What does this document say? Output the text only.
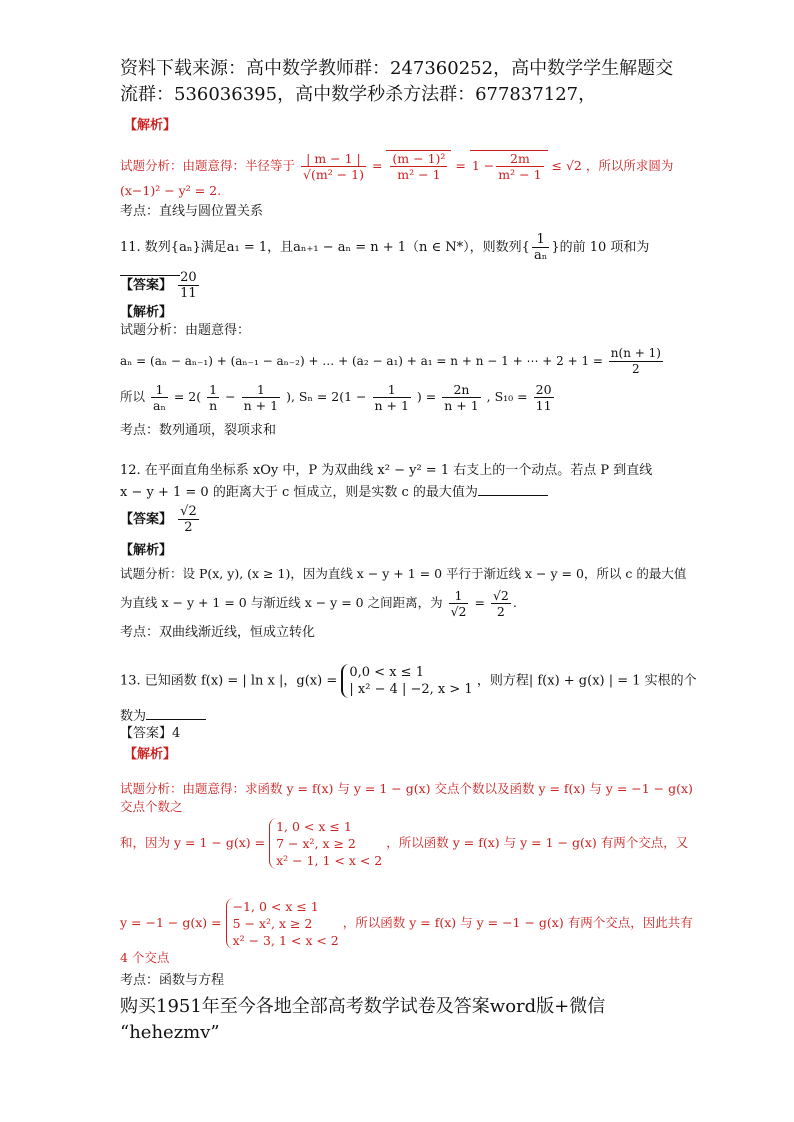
资料下载来源：高中数学教师群：247360252，高中数学学生解题交
流群：536036395，高中数学秒杀方法群：677837127，
【解析】
试题分析：由题意得：半径等于 $\frac{| m - 1 |}{\text{√(m² − 1)}} = \frac{\text{(m − 1)²}}{\text{m² − 1}} = 1 - \frac{2m}{\text{m² − 1}} \le √2$ ，所以所求圆为(x−1)² − y² = 2.
考点：直线与圆位置关系
11. 数列{aₙ}满足a₁ = 1，且aₙ₊₁ − aₙ = n + 1（n ∈ N*），则数列{ $\frac{1}{\text{aₙ}}$ }的前 10 项和为
【答案】 $\frac{20}{11}$
【解析】
试题分析：由题意得：
aₙ = (aₙ − aₙ₋₁) + (aₙ₋₁ − aₙ₋₂) + … + (a₂ − a₁) + a₁ = n + n − 1 + ⋯ + $2 + 1 = \frac{n(n + 1)}{2}$
所以 $\frac{1}{\text{aₙ}} = 2( \frac{1}{n} - \frac{1}{n + 1}$ ), $S_n = 2(1 - \frac{1}{n + 1}$ ) = $\frac{2n}{n + 1}$ , $S_{10} = \frac{20}{11}$
考点：数列通项，裂项求和
12. 在平面直角坐标系 xOy 中，P 为双曲线 x² − y² = 1 右支上的一个动点。若点 P 到直线
x − y + 1 = 0 的距离大于 c 恒成立，则是实数 c 的最大值为
【答案】 $\frac{√2}{2}$
【解析】
试题分析：设 P(x, y), (x ≥ 1)，因为直线 x − y + 1 = 0 平行于渐近线 x − y = 0，所以 c 的最大值
为直线 x − y + 1 = 0 与渐近线 x − y = 0 之间距离，为 $\frac{1}{√2} = \frac{√2}{2}$ .
考点：双曲线渐近线，恒成立转化
13. 已知函数 f(x) = | ln x |，g(x) =
0,0 < x ≤ 1
| x² − 4 | −2, x > 1
，则方程| f(x) + g(x) | = 1 实根的个
数为
【答案】4
【解析】
试题分析：由题意得：求函数 y = f(x) 与 y = 1 − g(x) 交点个数以及函数 y = f(x) 与 y = −1 − g(x) 交点个数之
和，因为 y = 1 − g(x) =
1, 0 < x ≤ 1
7 − x², x ≥ 2
x² − 1, 1 < x < 2
，所以函数 y = f(x) 与 y = 1 − g(x) 有两个交点，又
y = −1 − g(x) =
−1, 0 < x ≤ 1
5 − x², x ≥ 2
x² − 3, 1 < x < 2
，所以函数 y = f(x) 与 y = −1 − g(x) 有两个交点，因此共有 4 个交点
考点：函数与方程
购买1951年至今各地全部高考数学试卷及答案word版+微信
“hehezmv”
